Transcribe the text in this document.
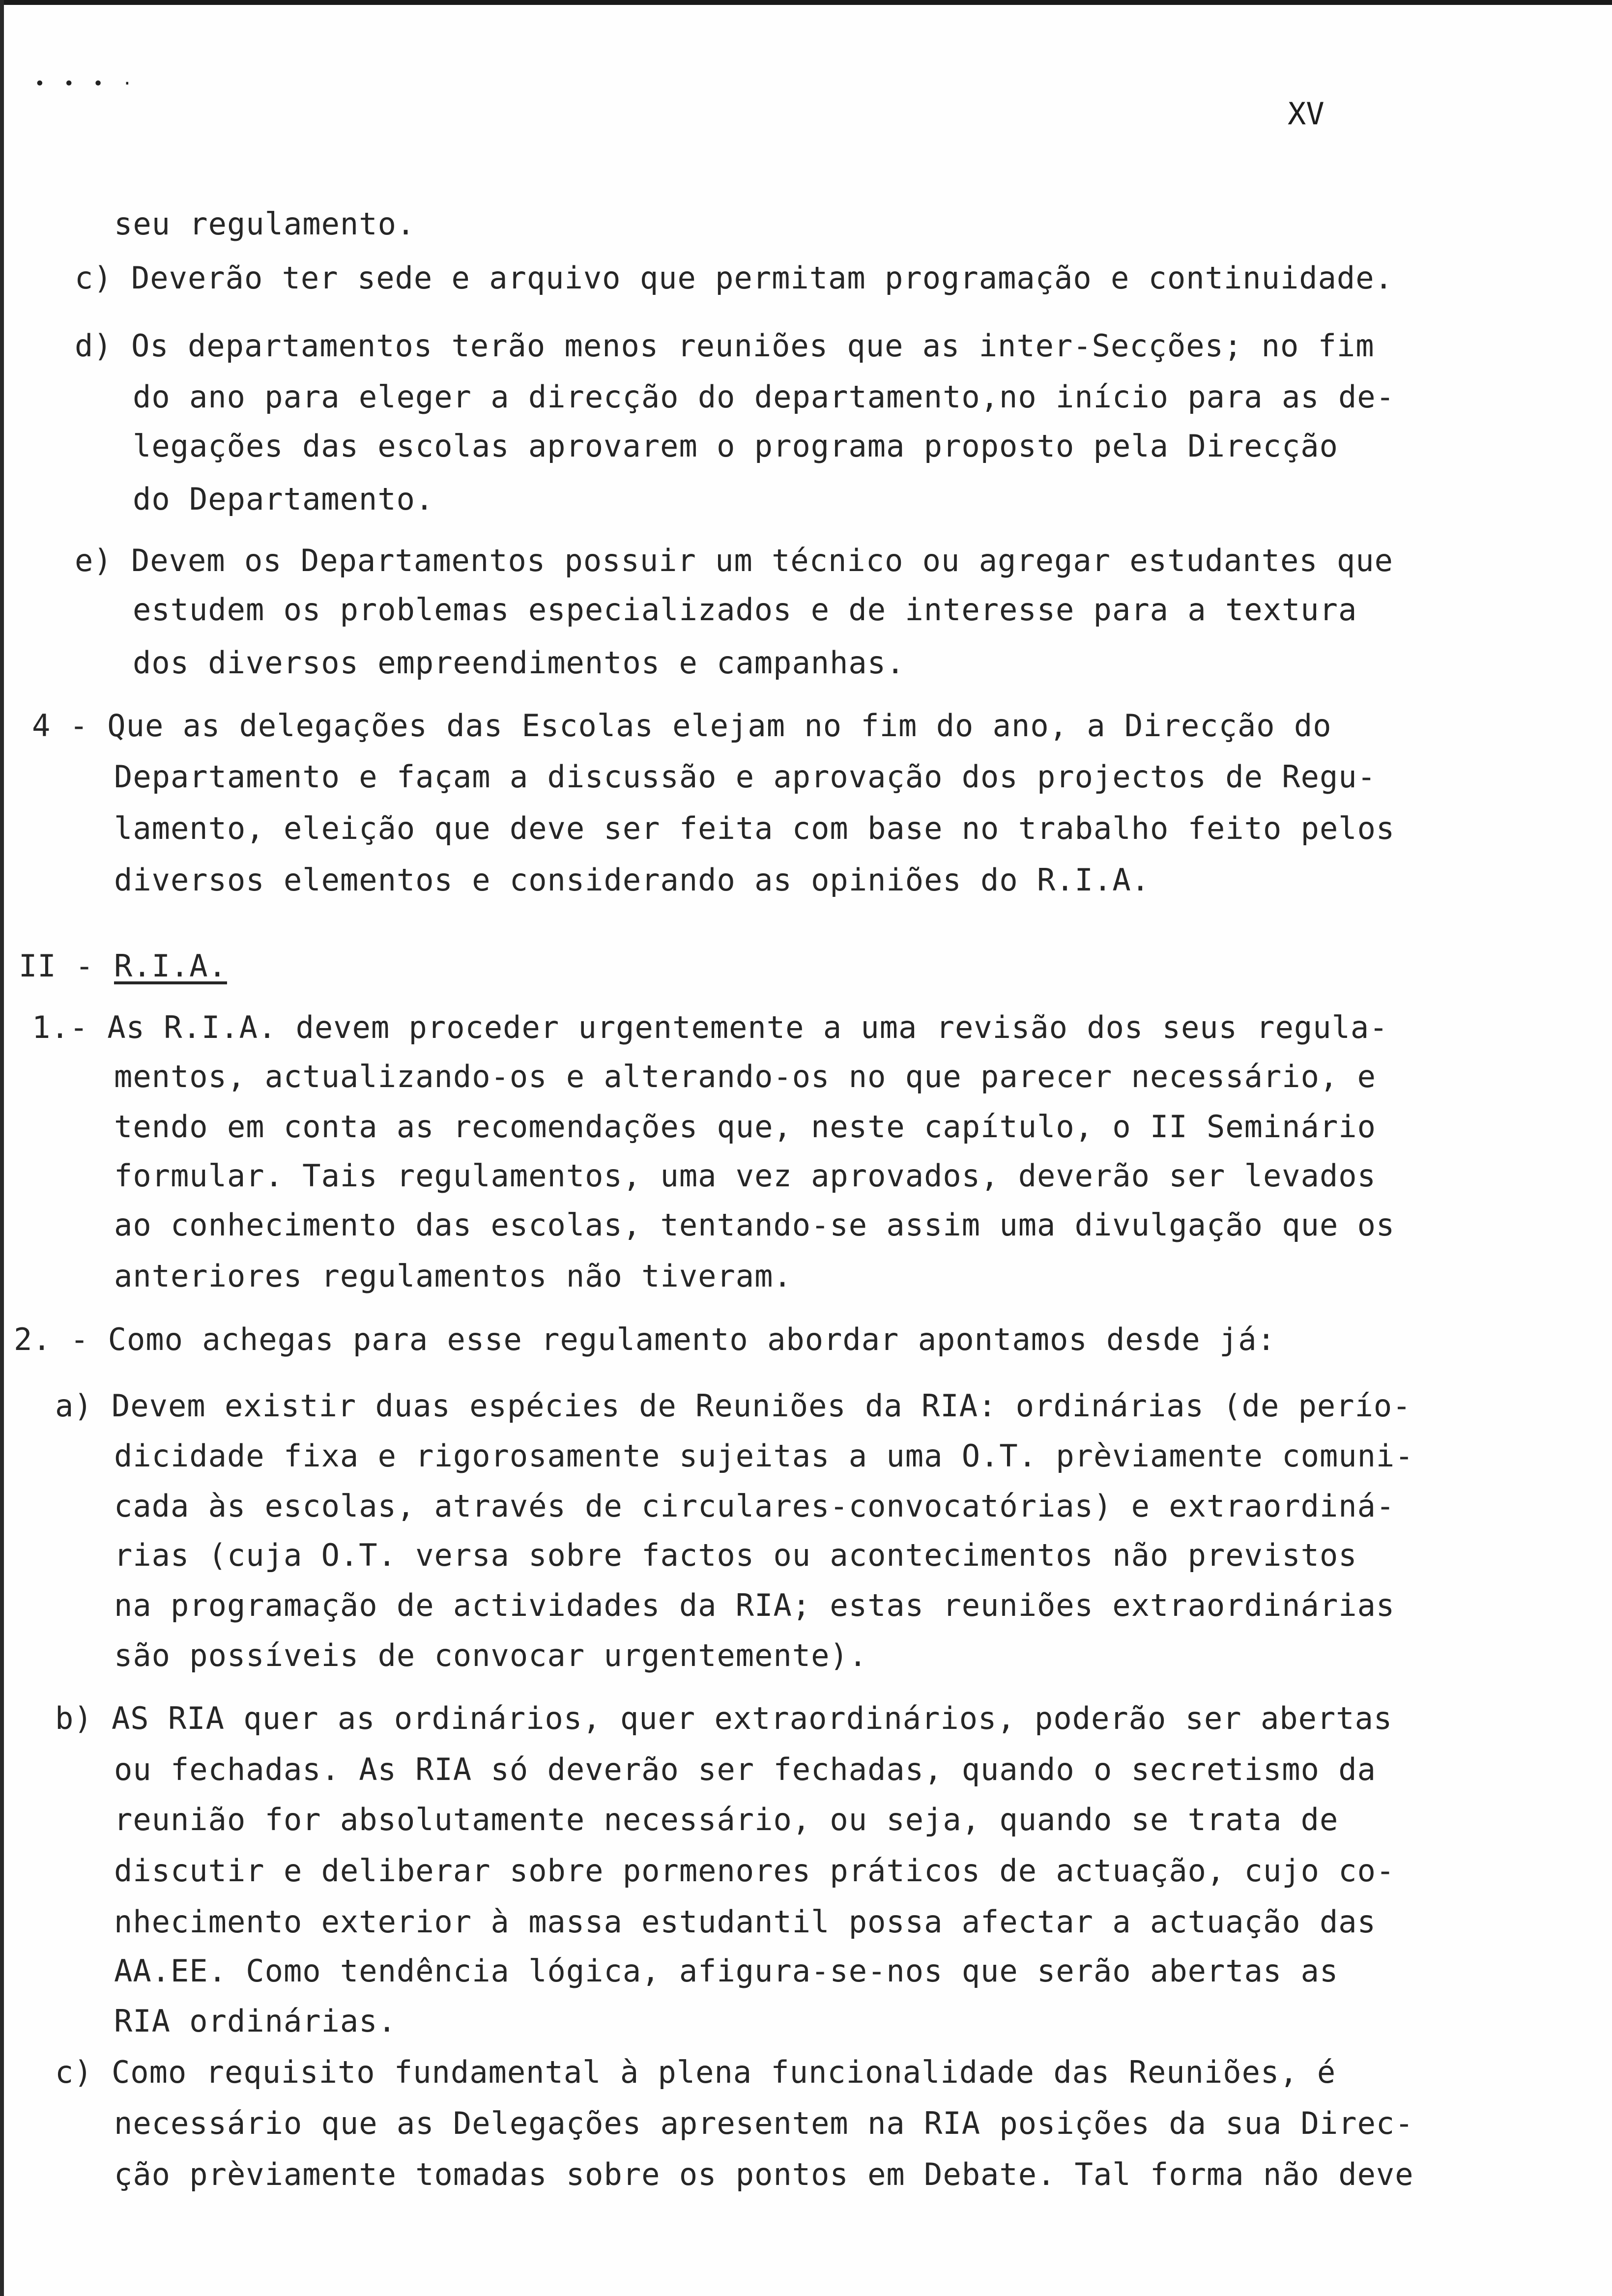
• • • ·
XV
seu regulamento.
c) Deverão ter sede e arquivo que permitam programação e continuidade.
d) Os departamentos terão menos reuniões que as inter-Secções; no fim
do ano para eleger a direcção do departamento,no início para as de-
legações das escolas aprovarem o programa proposto pela Direcção
do Departamento.
e) Devem os Departamentos possuir um técnico ou agregar estudantes que
estudem os problemas especializados e de interesse para a textura
dos diversos empreendimentos e campanhas.
4 - Que as delegações das Escolas elejam no fim do ano, a Direcção do
Departamento e façam a discussão e aprovação dos projectos de Regu-
lamento, eleição que deve ser feita com base no trabalho feito pelos
diversos elementos e considerando as opiniões do R.I.A.
II - R.I.A.
1.- As R.I.A. devem proceder urgentemente a uma revisão dos seus regula-
mentos, actualizando-os e alterando-os no que parecer necessário, e
tendo em conta as recomendações que, neste capítulo, o II Seminário
formular. Tais regulamentos, uma vez aprovados, deverão ser levados
ao conhecimento das escolas, tentando-se assim uma divulgação que os
anteriores regulamentos não tiveram.
2. - Como achegas para esse regulamento abordar apontamos desde já:
a) Devem existir duas espécies de Reuniões da RIA: ordinárias (de perío-
dicidade fixa e rigorosamente sujeitas a uma O.T. prèviamente comuni-
cada às escolas, através de circulares-convocatórias) e extraordiná-
rias (cuja O.T. versa sobre factos ou acontecimentos não previstos
na programação de actividades da RIA; estas reuniões extraordinárias
são possíveis de convocar urgentemente).
b) AS RIA quer as ordinários, quer extraordinários, poderão ser abertas
ou fechadas. As RIA só deverão ser fechadas, quando o secretismo da
reunião for absolutamente necessário, ou seja, quando se trata de
discutir e deliberar sobre pormenores práticos de actuação, cujo co-
nhecimento exterior à massa estudantil possa afectar a actuação das
AA.EE. Como tendência lógica, afigura-se-nos que serão abertas as
RIA ordinárias.
c) Como requisito fundamental à plena funcionalidade das Reuniões, é
necessário que as Delegações apresentem na RIA posições da sua Direc-
ção prèviamente tomadas sobre os pontos em Debate. Tal forma não deve
